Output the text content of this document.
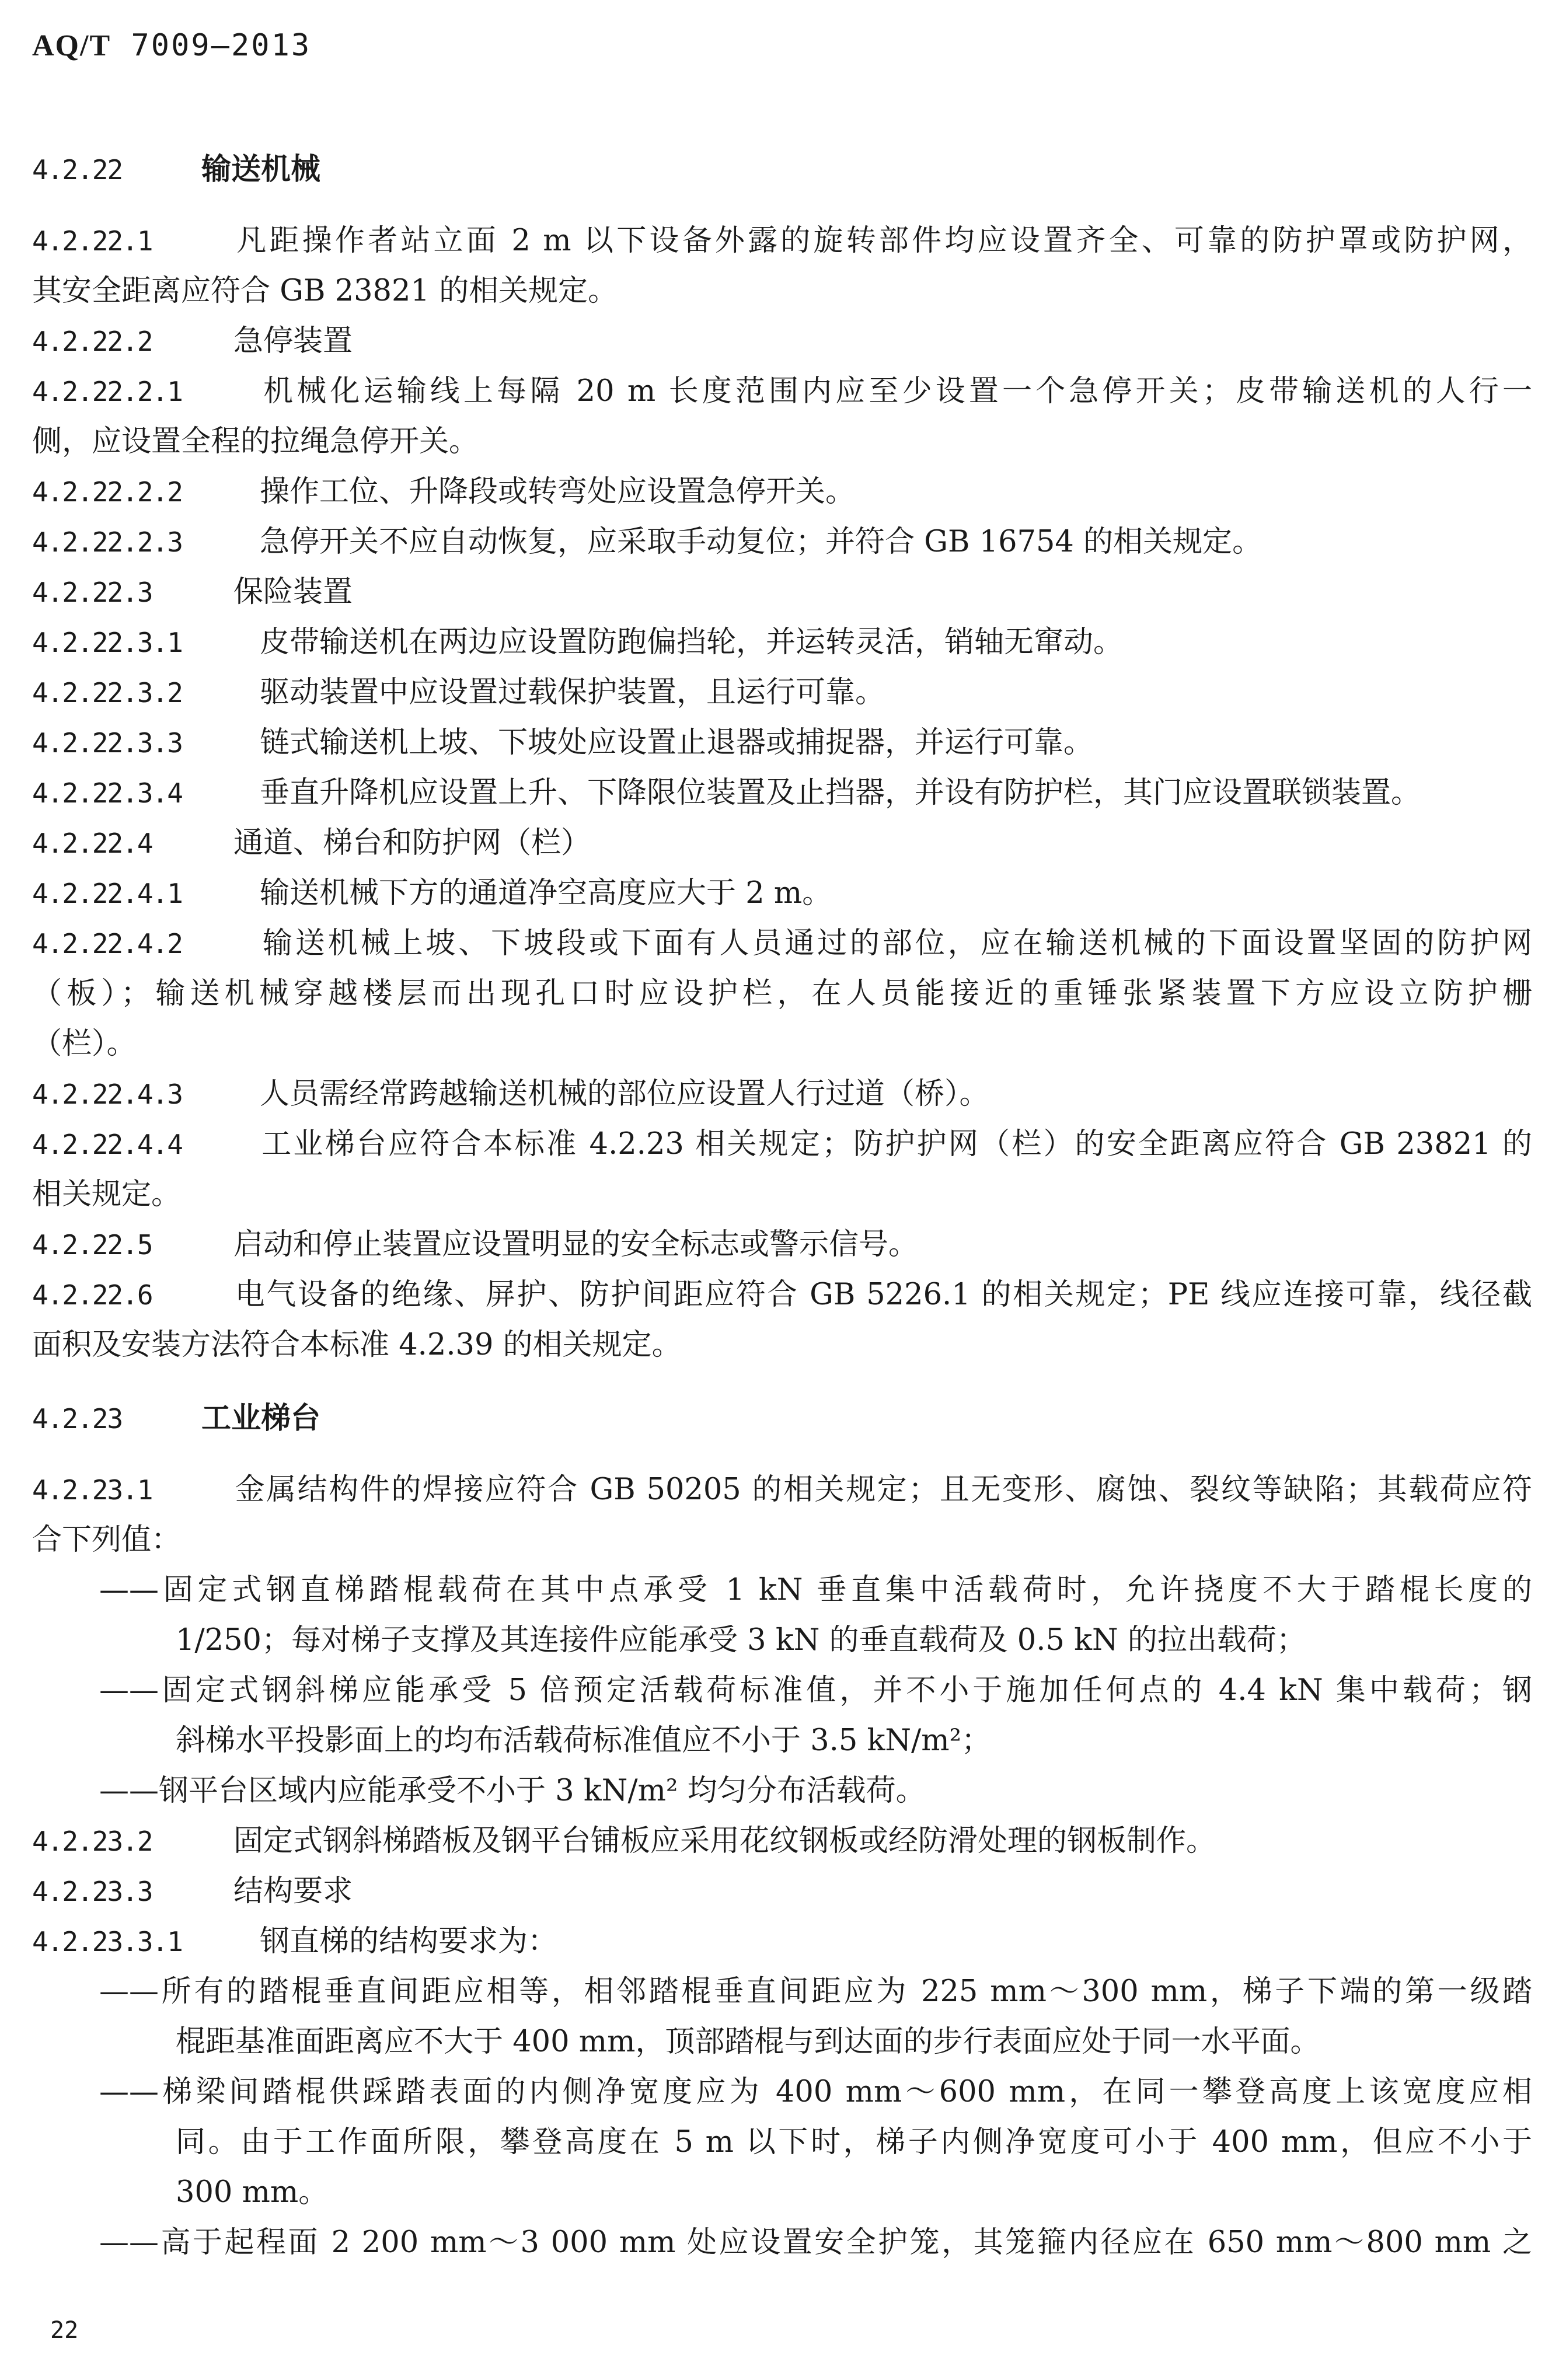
AQ/T 7009—2013
4.2.22	输送机械
4.2.22.1	凡距操作者站立面 2 m 以下设备外露的旋转部件均应设置齐全、可靠的防护罩或防护网，
其安全距离应符合 GB 23821 的相关规定。
4.2.22.2	急停装置
4.2.22.2.1	机械化运输线上每隔 20 m 长度范围内应至少设置一个急停开关；皮带输送机的人行一
侧，应设置全程的拉绳急停开关。
4.2.22.2.2	操作工位、升降段或转弯处应设置急停开关。
4.2.22.2.3	急停开关不应自动恢复，应采取手动复位；并符合 GB 16754 的相关规定。
4.2.22.3	保险装置
4.2.22.3.1	皮带输送机在两边应设置防跑偏挡轮，并运转灵活，销轴无窜动。
4.2.22.3.2	驱动装置中应设置过载保护装置，且运行可靠。
4.2.22.3.3	链式输送机上坡、下坡处应设置止退器或捕捉器，并运行可靠。
4.2.22.3.4	垂直升降机应设置上升、下降限位装置及止挡器，并设有防护栏，其门应设置联锁装置。
4.2.22.4	通道、梯台和防护网（栏）
4.2.22.4.1	输送机械下方的通道净空高度应大于 2 m。
4.2.22.4.2	输送机械上坡、下坡段或下面有人员通过的部位，应在输送机械的下面设置坚固的防护网
（板）；输送机械穿越楼层而出现孔口时应设护栏，在人员能接近的重锤张紧装置下方应设立防护栅
（栏）。
4.2.22.4.3	人员需经常跨越输送机械的部位应设置人行过道（桥）。
4.2.22.4.4	工业梯台应符合本标准 4.2.23 相关规定；防护护网（栏）的安全距离应符合 GB 23821 的
相关规定。
4.2.22.5	启动和停止装置应设置明显的安全标志或警示信号。
4.2.22.6	电气设备的绝缘、屏护、防护间距应符合 GB 5226.1 的相关规定；PE 线应连接可靠，线径截
面积及安装方法符合本标准 4.2.39 的相关规定。
4.2.23	工业梯台
4.2.23.1	金属结构件的焊接应符合 GB 50205 的相关规定；且无变形、腐蚀、裂纹等缺陷；其载荷应符
合下列值：
——固定式钢直梯踏棍载荷在其中点承受 1 kN 垂直集中活载荷时，允许挠度不大于踏棍长度的
1/250；每对梯子支撑及其连接件应能承受 3 kN 的垂直载荷及 0.5 kN 的拉出载荷；
——固定式钢斜梯应能承受 5 倍预定活载荷标准值，并不小于施加任何点的 4.4 kN 集中载荷；钢
斜梯水平投影面上的均布活载荷标准值应不小于 3.5 kN/m²；
——钢平台区域内应能承受不小于 3 kN/m² 均匀分布活载荷。
4.2.23.2	固定式钢斜梯踏板及钢平台铺板应采用花纹钢板或经防滑处理的钢板制作。
4.2.23.3	结构要求
4.2.23.3.1	钢直梯的结构要求为：
——所有的踏棍垂直间距应相等，相邻踏棍垂直间距应为 225 mm～300 mm，梯子下端的第一级踏
棍距基准面距离应不大于 400 mm，顶部踏棍与到达面的步行表面应处于同一水平面。
——梯梁间踏棍供踩踏表面的内侧净宽度应为 400 mm～600 mm，在同一攀登高度上该宽度应相
同。由于工作面所限，攀登高度在 5 m 以下时，梯子内侧净宽度可小于 400 mm，但应不小于
300 mm。
——高于起程面 2 200 mm～3 000 mm 处应设置安全护笼，其笼箍内径应在 650 mm～800 mm 之
22
